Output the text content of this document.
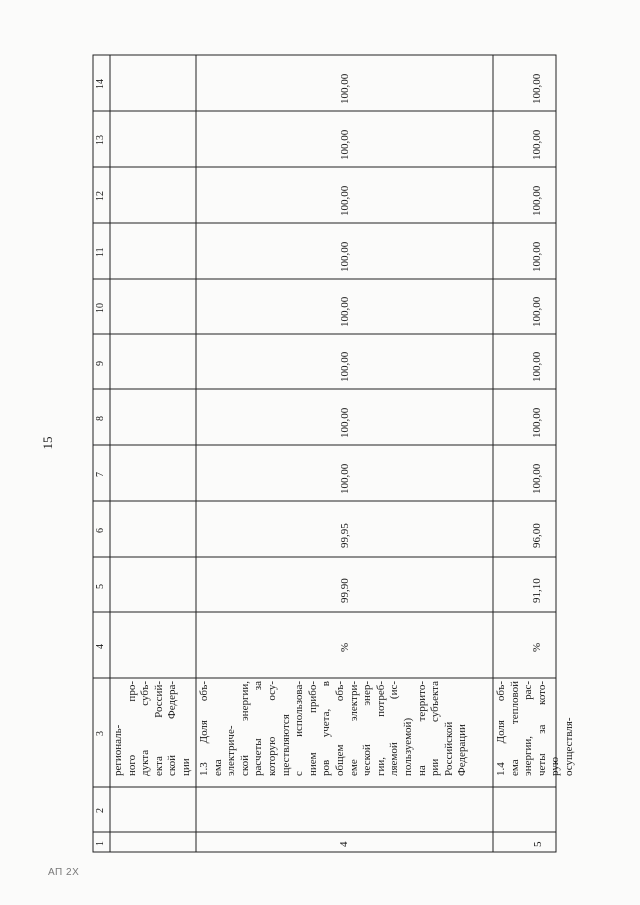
15
1
2
3
4
5
6
7
8
9
10
11
12
13
14
региональ- ного про- дукта субъ- екта Россий- ской Федера- ции
4
1.3 Доля объ- ема электриче- ской энергии, расчеты за которую осу- ществляются с использова- нием прибо- ров учета, в общем объ- еме электри- ческой энер- гии, потреб- ляемой (ис- пользуемой) на террито- рии субъекта Российской Федерации
%
99,90
99,95
100,00
100,00
100,00
100,00
100,00
100,00
100,00
100,00
5
1.4 Доля объ- ема тепловой энергии, рас- четы за кото- рую осуществля-
%
91,10
96,00
100,00
100,00
100,00
100,00
100,00
100,00
100,00
100,00
АП 2Х
